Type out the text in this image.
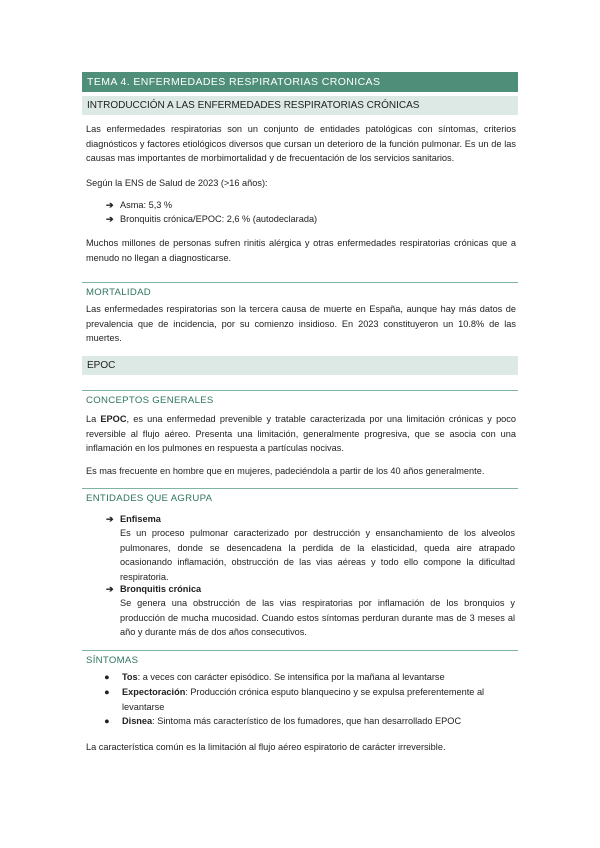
TEMA 4. ENFERMEDADES RESPIRATORIAS CRONICAS
INTRODUCCIÓN A LAS ENFERMEDADES RESPIRATORIAS CRÓNICAS

Las enfermedades respiratorias son un conjunto de entidades patológicas con síntomas, criterios diagnósticos y factores etiológicos diversos que cursan un deterioro de la función pulmonar. Es un de las causas mas importantes de morbimortalidad y de frecuentación de los servicios sanitarios.

Según la ENS de Salud de 2023 (>16 años):

➔ Asma: 5,3 %
➔ Bronquitis crónica/EPOC: 2,6 % (autodeclarada)

Muchos millones de personas sufren rinitis alérgica y otras enfermedades respiratorias crónicas que a menudo no llegan a diagnosticarse.

MORTALIDAD

Las enfermedades respiratorias son la tercera causa de muerte en España, aunque hay más datos de prevalencia que de incidencia, por su comienzo insidioso. En 2023 constituyeron un 10.8% de las muertes.

EPOC
CONCEPTOS GENERALES

La EPOC, es una enfermedad prevenible y tratable caracterizada por una limitación crónicas y poco reversible al flujo aéreo. Presenta una limitación, generalmente progresiva, que se asocia con una inflamación en los pulmones en respuesta a partículas nocivas.

Es mas frecuente en hombre que en mujeres, padeciéndola a partir de los 40 años generalmente.

ENTIDADES QUE AGRUPA
➔ Enfisema

Es un proceso pulmonar caracterizado por destrucción y ensanchamiento de los alveolos pulmonares, donde se desencadena la perdida de la elasticidad, queda aire atrapado ocasionando inflamación, obstrucción de las vias aéreas y todo ello compone la dificultad respiratoria.

➔ Bronquitis crónica

Se genera una obstrucción de las vias respiratorias por inflamación de los bronquios y producción de mucha mucosidad. Cuando estos síntomas perduran durante mas de 3 meses al año y durante más de dos años consecutivos.

SÍNTOMAS
● Tos: a veces con carácter episódico. Se intensifica por la mañana al levantarse
● Expectoración: Producción crónica esputo blanquecino y se expulsa preferentemente al levantarse
● Disnea: Sintoma más característico de los fumadores, que han desarrollado EPOC

La característica común es la limitación al flujo aéreo espiratorio de carácter irreversible.
